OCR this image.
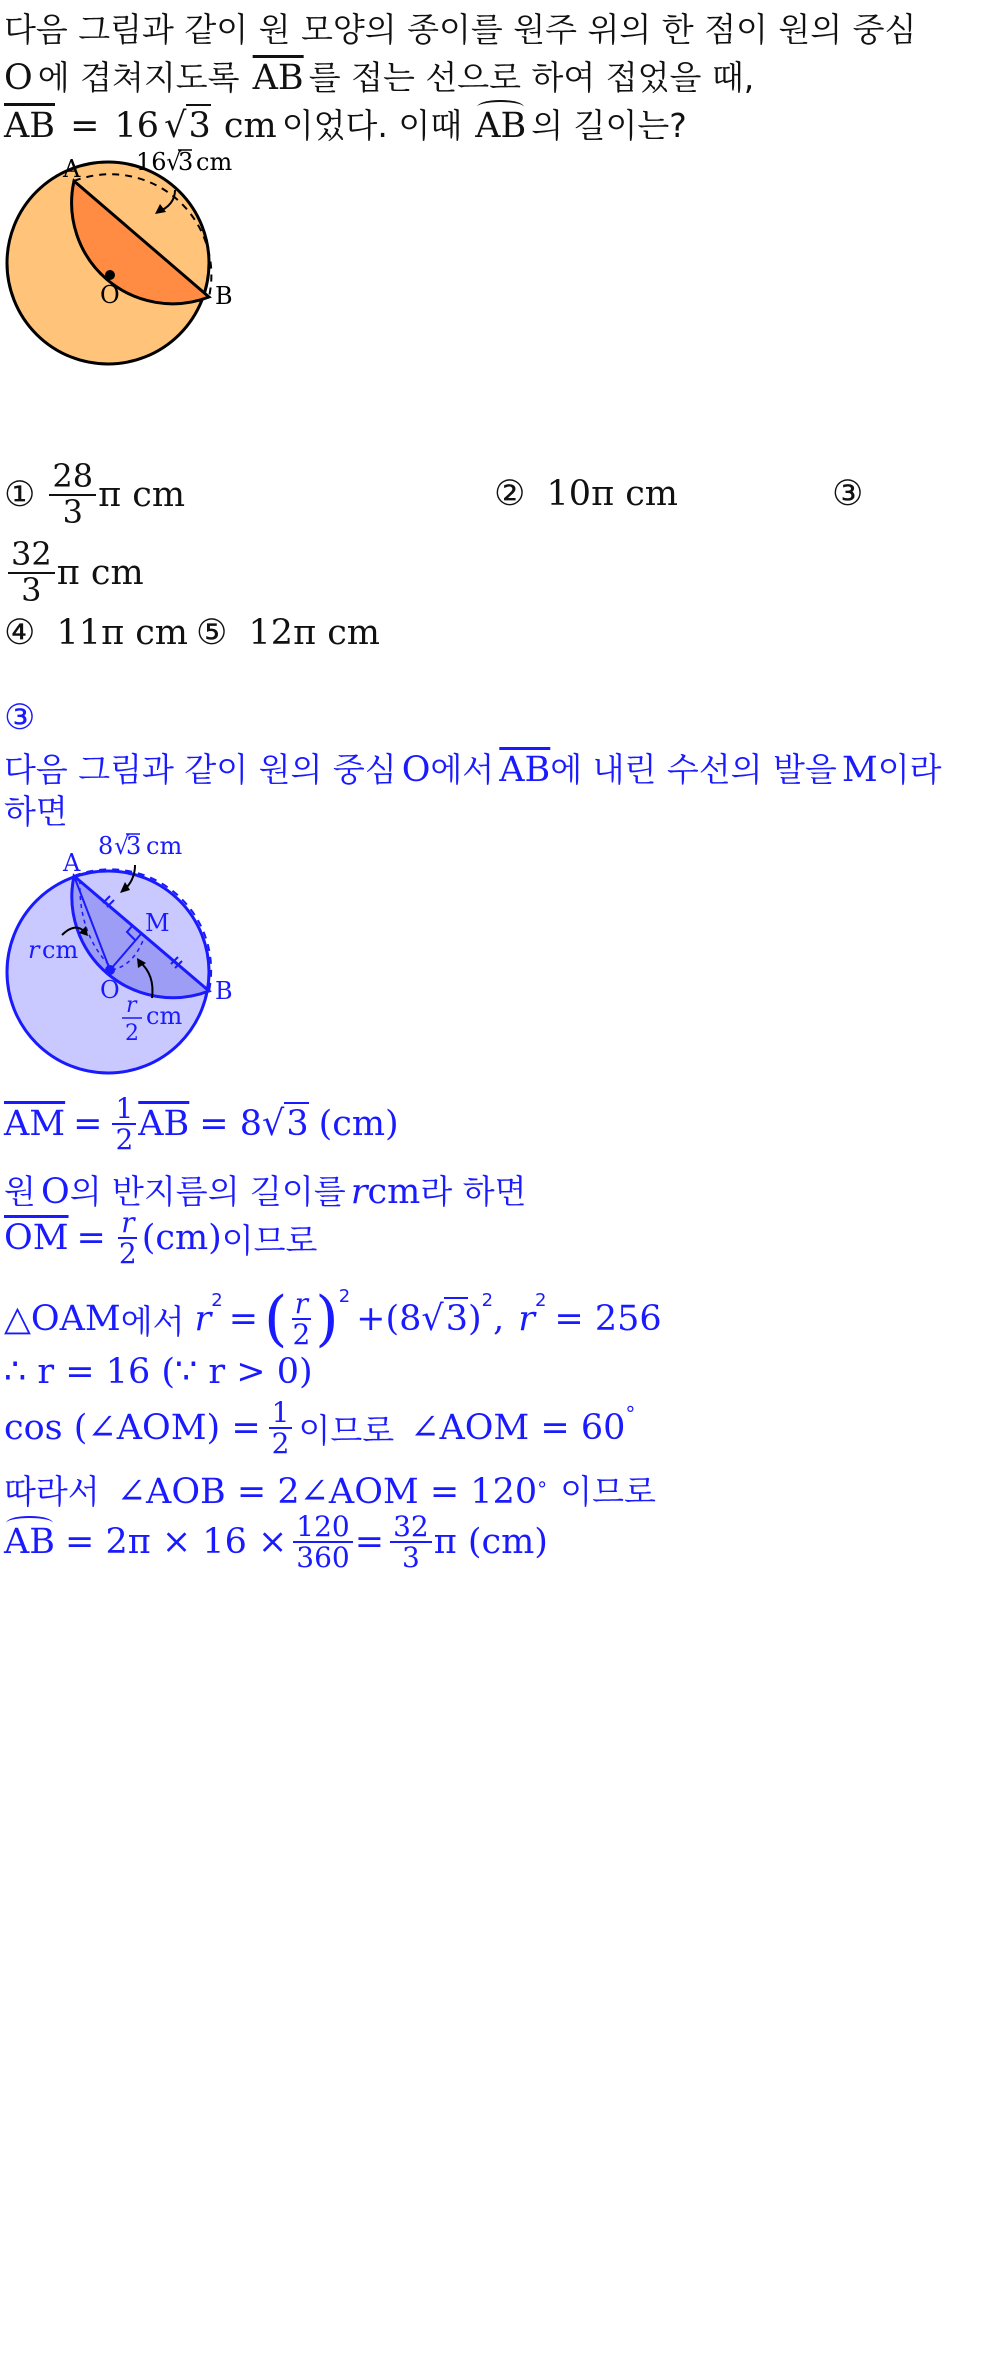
다음 그림과 같이 원 모양의 종이를 원주 위의 한 점이 원의 중심
O 에 겹쳐지도록 $\overline{AB}$ 를 접는 선으로 하여 접었을 때,
$\overline{AB} = 16$ √3 cm 이었다. 이때 AB 의 길이는?
A
B
O
16 √
3 cm
① $\frac{28}{3}$ π cm	② 10π cm	③
$\frac{32}{3}$ π cm
④ 11π cm ⑤ 12π cm
③
다음 그림과 같이 원의 중심 O에서 $\overline{AB}$에 내린 수선의 발을 M이라
하면
A
B
O
M
8 √
3 cm
r cm
r
2
cm
$\overline{AM} = \frac{1}{2} \overline{AB} = 8$ √3 (cm)
원 O의 반지름의 길이를 rcm라 하면
$\overline{OM} = \frac{r}{2} (cm)$ 이므로
△OAM 에서 r 2 = ( $\frac{r}{2}$ ) 2
+(8 √3 ) 2 , r 2 = 256
∴ r = 16 (∵ r > 0)
cos (∠AOM) = $\frac{1}{2}$ 이므로 ∠AOM = 60 °
따라서 ∠AOB = 2∠AOM = 120° 이므로
AB = $2\pi \times 16 \times \frac{120}{360} = \frac{32}{3}$ π (cm)
